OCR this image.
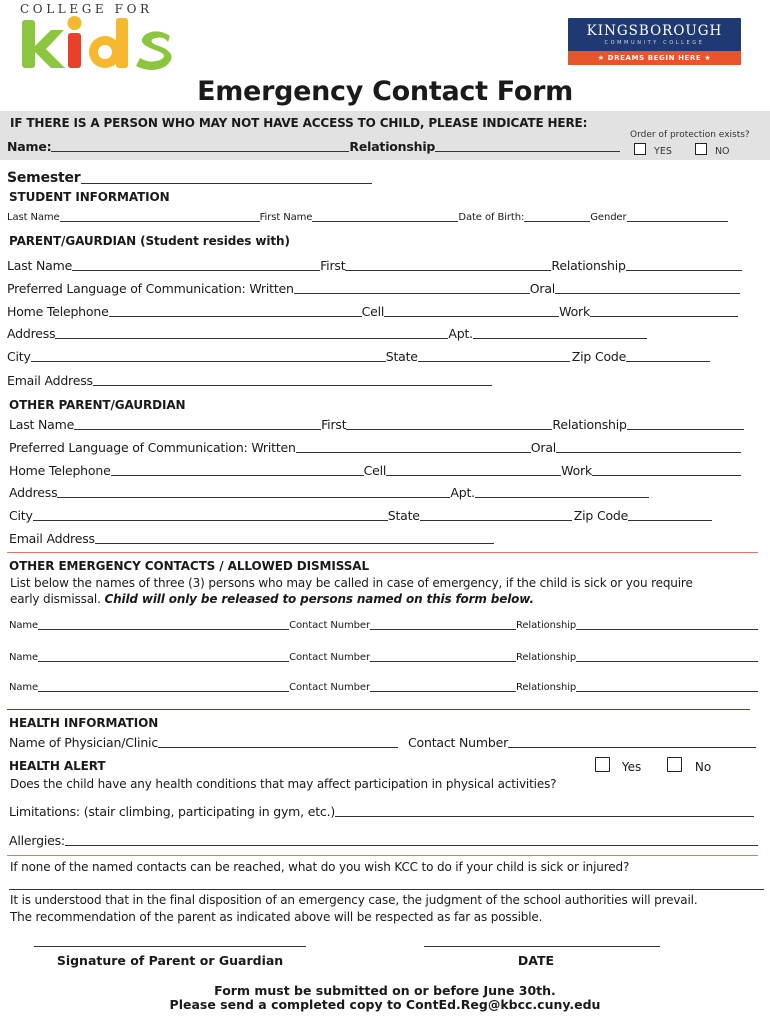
COLLEGE FOR
kids
KINGSBOROUGH
COMMUNITY COLLEGE
★ DREAMS BEGIN HERE ★
Emergency Contact Form
IF THERE IS A PERSON WHO MAY NOT HAVE ACCESS TO CHILD, PLEASE INDICATE HERE:
Name:	Relationship
Order of protection exists?
YES	NO
Semester
STUDENT INFORMATION
Last Name	First Name	Date of Birth:	Gender
PARENT/GAURDIAN (Student resides with)
Last Name	First	Relationship
Preferred Language of Communication: Written	Oral
Home Telephone	Cell	Work
Address	Apt.
City	State	Zip Code
Email Address
OTHER PARENT/GAURDIAN
Last Name	First	Relationship
Preferred Language of Communication: Written	Oral
Home Telephone	Cell	Work
Address	Apt.
City	State	Zip Code
Email Address
OTHER EMERGENCY CONTACTS / ALLOWED DISMISSAL
List below the names of three (3) persons who may be called in case of emergency, if the child is sick or you require
early dismissal. Child will only be released to persons named on this form below.
Name	Contact Number	Relationship
Name	Contact Number	Relationship
Name	Contact Number	Relationship
HEALTH INFORMATION
Name of Physician/Clinic	Contact Number
HEALTH ALERT	Yes	No
Does the child have any health conditions that may affect participation in physical activities?
Limitations: (stair climbing, participating in gym, etc.)
Allergies:
If none of the named contacts can be reached, what do you wish KCC to do if your child is sick or injured?
It is understood that in the final disposition of an emergency case, the judgment of the school authorities will prevail.
The recommendation of the parent as indicated above will be respected as far as possible.
Signature of Parent or Guardian	DATE
Form must be submitted on or before June 30th.
Please send a completed copy to ContEd.Reg@kbcc.cuny.edu
